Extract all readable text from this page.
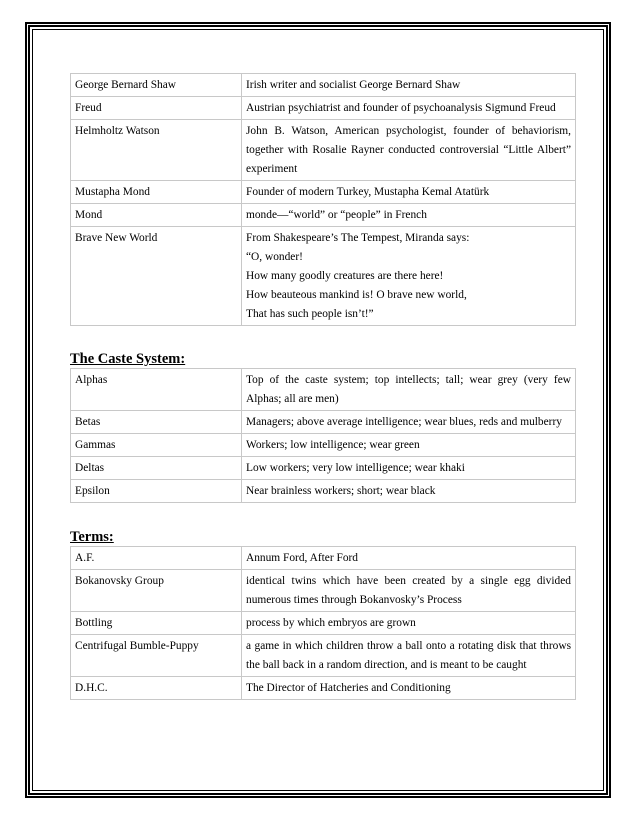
George Bernard Shaw	Irish writer and socialist George Bernard Shaw
Freud	Austrian psychiatrist and founder of psychoanalysis Sigmund Freud
Helmholtz Watson	John B. Watson, American psychologist, founder of behaviorism, together with Rosalie Rayner conducted controversial “Little Albert” experiment
Mustapha Mond	Founder of modern Turkey, Mustapha Kemal Atatürk
Mond	monde—“world” or “people” in French
Brave New World	From Shakespeare’s The Tempest, Miranda says:
“O, wonder!
How many goodly creatures are there here!
How beauteous mankind is! O brave new world,
That has such people isn’t!”
The Caste System:
Alphas	Top of the caste system; top intellects; tall; wear grey (very few Alphas; all are men)
Betas	Managers; above average intelligence; wear blues, reds and mulberry
Gammas	Workers; low intelligence; wear green
Deltas	Low workers; very low intelligence; wear khaki
Epsilon	Near brainless workers; short; wear black
Terms:
A.F.	Annum Ford, After Ford
Bokanovsky Group	identical twins which have been created by a single egg divided numerous times through Bokanvosky’s Process
Bottling	process by which embryos are grown
Centrifugal Bumble-Puppy	a game in which children throw a ball onto a rotating disk that throws the ball back in a random direction, and is meant to be caught
D.H.C.	The Director of Hatcheries and Conditioning
